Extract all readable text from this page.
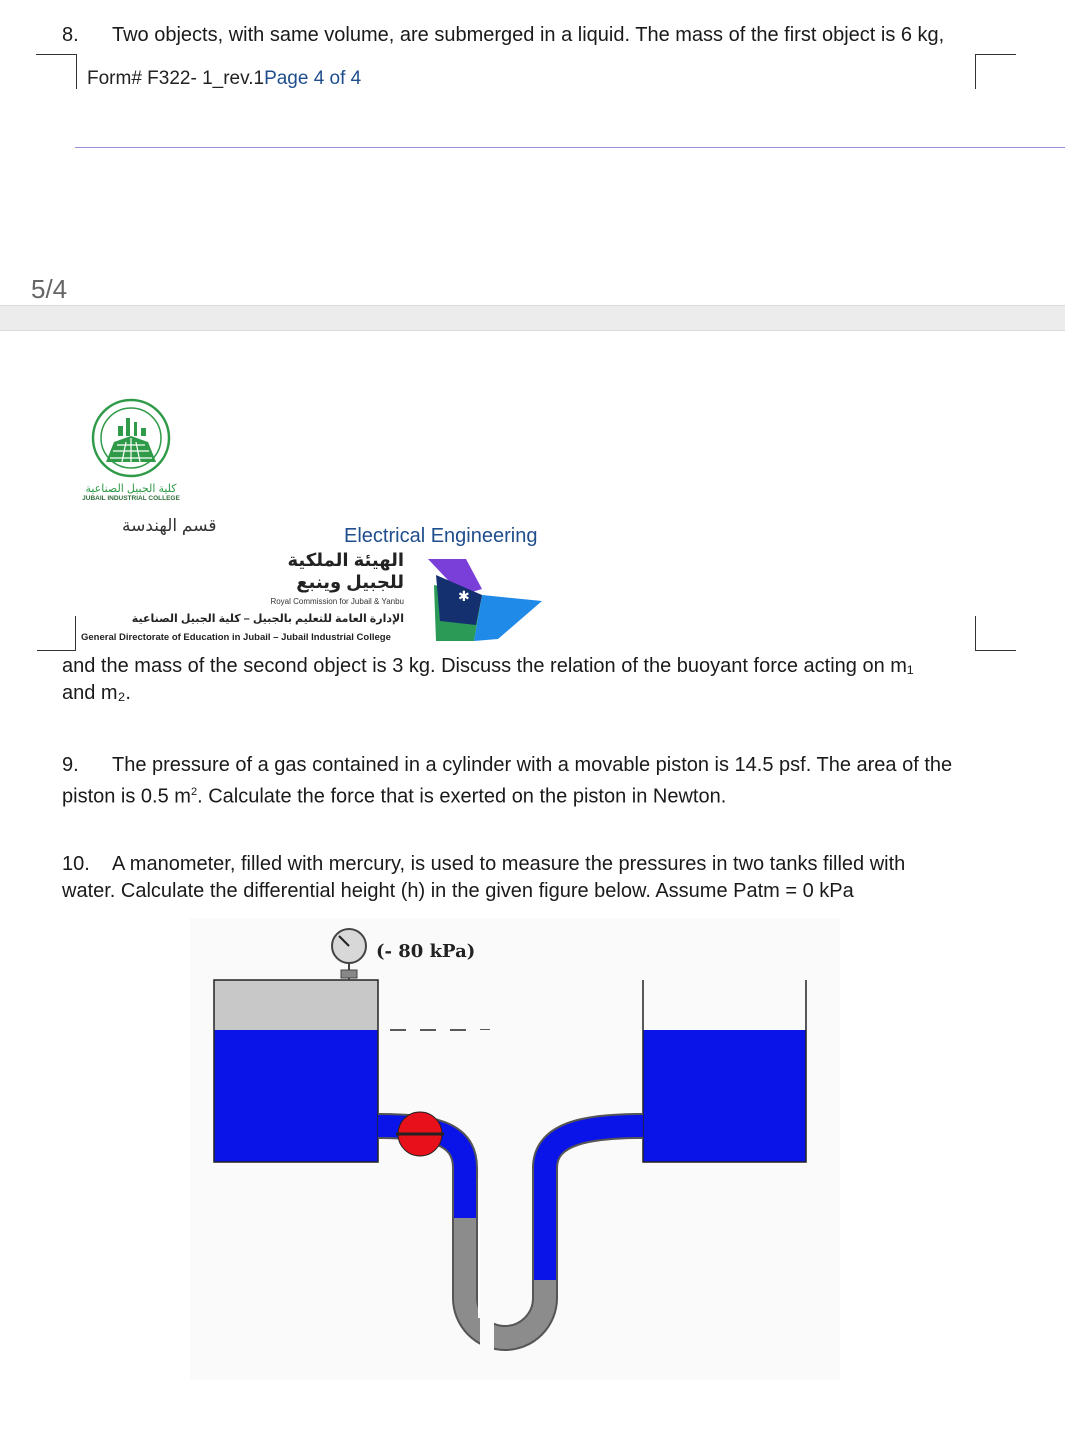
8. Two objects, with same volume, are submerged in a liquid. The mass of the first object is 6 kg,
Form# F322- 1_rev.1Page 4 of 4
5/4
كلية الجبيل الصناعية
JUBAIL INDUSTRIAL COLLEGE
قسم الهندسة	Electrical Engineering
الهيئة الملكية
للجبيل وينبع
Royal Commission for Jubail & Yanbu	✱
الإدارة العامة للتعليم بالجبيل – كلية الجبيل الصناعية
General Directorate of Education in Jubail – Jubail Industrial College
and the mass of the second object is 3 kg. Discuss the relation of the buoyant force acting on m₁
and m₂.
9. The pressure of a gas contained in a cylinder with a movable piston is 14.5 psf. The area of the
piston is 0.5 $m^2$. Calculate the force that is exerted on the piston in Newton.
10. A manometer, filled with mercury, is used to measure the pressures in two tanks filled with
water. Calculate the differential height (h) in the given figure below. Assume Patm = 0 kPa
(- 80 kPa)
